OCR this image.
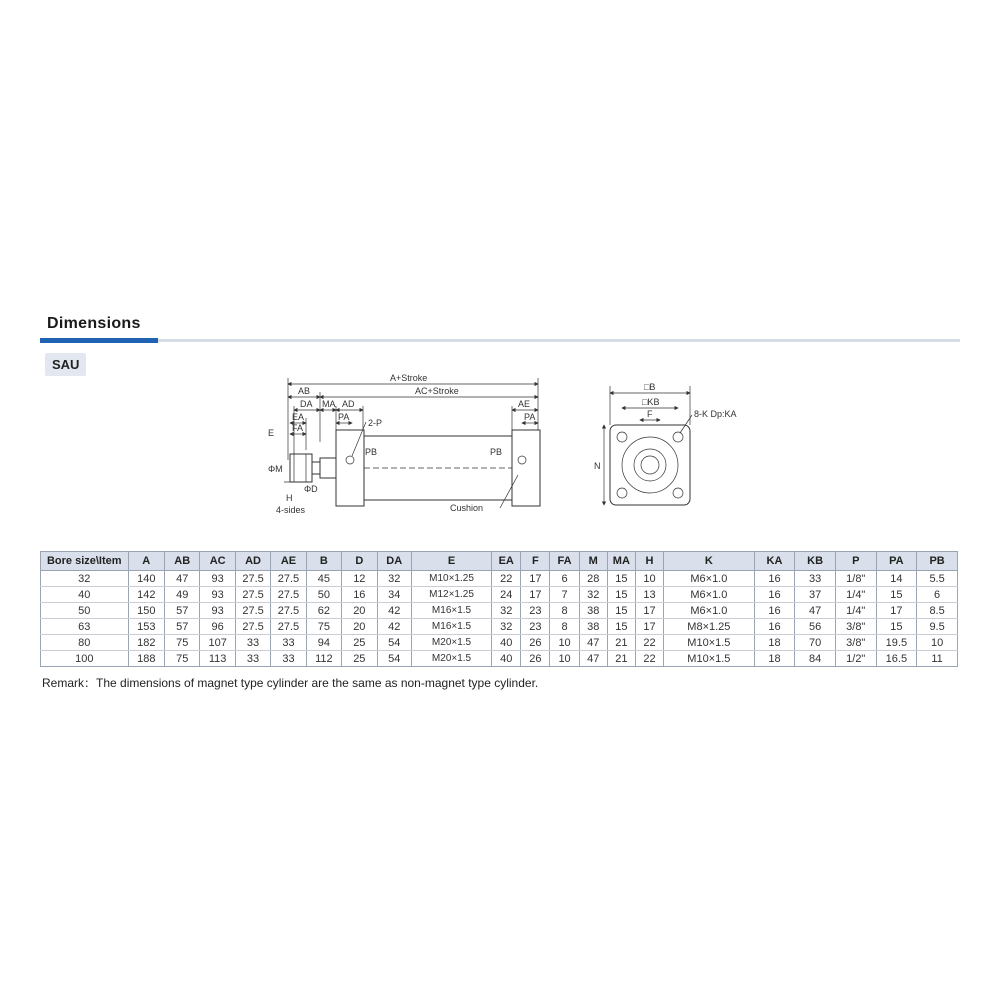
Dimensions
SAU
A+Stroke
AC+Stroke
AB
DA MA AD
EA	PA
FA
E
2-P
AE
PA
PB	PB
ΦM
ΦD
H
4-sides	Cushion
□B
□KB
F	8-K Dp:KA
N
Bore size\Item	A	AB	AC	AD	AE	B	D	DA	E	EA	F	FA	M	MA	H	K	KA	KB	P	PA	PB
32	140	47	93	27.5	27.5	45	12	32	M10×1.25	22	17	6	28	15	10	M6×1.0	16	33	1/8"	14	5.5
40	142	49	93	27.5	27.5	50	16	34	M12×1.25	24	17	7	32	15	13	M6×1.0	16	37	1/4"	15	6
50	150	57	93	27.5	27.5	62	20	42	M16×1.5	32	23	8	38	15	17	M6×1.0	16	47	1/4"	17	8.5
63	153	57	96	27.5	27.5	75	20	42	M16×1.5	32	23	8	38	15	17	M8×1.25	16	56	3/8"	15	9.5
80	182	75	107	33	33	94	25	54	M20×1.5	40	26	10	47	21	22	M10×1.5	18	70	3/8"	19.5	10
100	188	75	113	33	33	112	25	54	M20×1.5	40	26	10	47	21	22	M10×1.5	18	84	1/2"	16.5	11
Remark：The dimensions of magnet type cylinder are the same as non-magnet type cylinder.
